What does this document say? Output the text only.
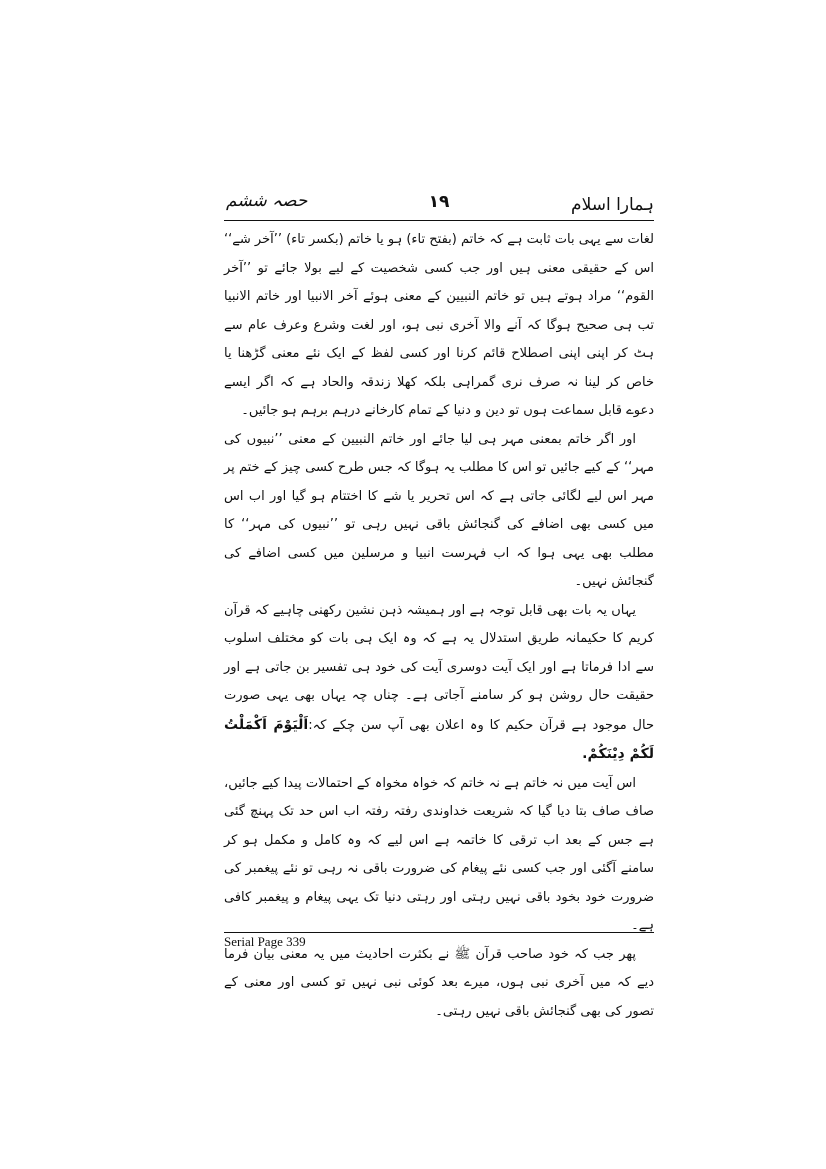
ہمارا اسلام
۱۹
حصہ ششم

لغات سے یہی بات ثابت ہے کہ خاتم (بفتح تاء) ہو یا خاتم (بکسر تاء) ’’آخر شے‘‘ اس کے حقیقی معنی ہیں اور جب کسی شخصیت کے لیے بولا جائے تو ’’آخر القوم‘‘ مراد ہوتے ہیں تو خاتم النبیین کے معنی ہوئے آخر الانبیا اور خاتم الانبیا تب ہی صحیح ہوگا کہ آنے والا آخری نبی ہو، اور لغت وشرع وعرف عام سے ہٹ کر اپنی اپنی اصطلاح قائم کرنا اور کسی لفظ کے ایک نئے معنی گڑھنا یا خاص کر لینا نہ صرف نری گمراہی بلکہ کھلا زندقہ والحاد ہے کہ اگر ایسے دعوے قابل سماعت ہوں تو دین و دنیا کے تمام کارخانے درہم برہم ہو جائیں۔

اور اگر خاتم بمعنی مہر ہی لیا جائے اور خاتم النبیین کے معنی ’’نبیوں کی مہر‘‘ کے کیے جائیں تو اس کا مطلب یہ ہوگا کہ جس طرح کسی چیز کے ختم پر مہر اس لیے لگائی جاتی ہے کہ اس تحریر یا شے کا اختتام ہو گیا اور اب اس میں کسی بھی اضافے کی گنجائش باقی نہیں رہی تو ’’نبیوں کی مہر‘‘ کا مطلب بھی یہی ہوا کہ اب فہرست انبیا و مرسلین میں کسی اضافے کی گنجائش نہیں۔

یہاں یہ بات بھی قابل توجہ ہے اور ہمیشہ ذہن نشین رکھنی چاہیے کہ قرآن کریم کا حکیمانہ طریق استدلال یہ ہے کہ وہ ایک ہی بات کو مختلف اسلوب سے ادا فرماتا ہے اور ایک آیت دوسری آیت کی خود ہی تفسیر بن جاتی ہے اور حقیقت حال روشن ہو کر سامنے آجاتی ہے۔ چناں چہ یہاں بھی یہی صورت حال موجود ہے قرآن حکیم کا وہ اعلان بھی آپ سن چکے کہ:اَلْیَوْمَ اَکْمَلْتُ لَکُمْ دِیْنَکُمْ.

اس آیت میں نہ خاتم ہے نہ خاتم کہ خواہ مخواہ کے احتمالات پیدا کیے جائیں، صاف صاف بتا دیا گیا کہ شریعت خداوندی رفتہ رفتہ اب اس حد تک پہنچ گئی ہے جس کے بعد اب ترقی کا خاتمہ ہے اس لیے کہ وہ کامل و مکمل ہو کر سامنے آگئی اور جب کسی نئے پیغام کی ضرورت باقی نہ رہی تو نئے پیغمبر کی ضرورت خود بخود باقی نہیں رہتی اور رہتی دنیا تک یہی پیغام و پیغمبر کافی ہے۔

پھر جب کہ خود صاحب قرآن ﷺ نے بکثرت احادیث میں یہ معنی بیان فرما دیے کہ میں آخری نبی ہوں، میرے بعد کوئی نبی نہیں تو کسی اور معنی کے تصور کی بھی گنجائش باقی نہیں رہتی۔

Serial Page 339
